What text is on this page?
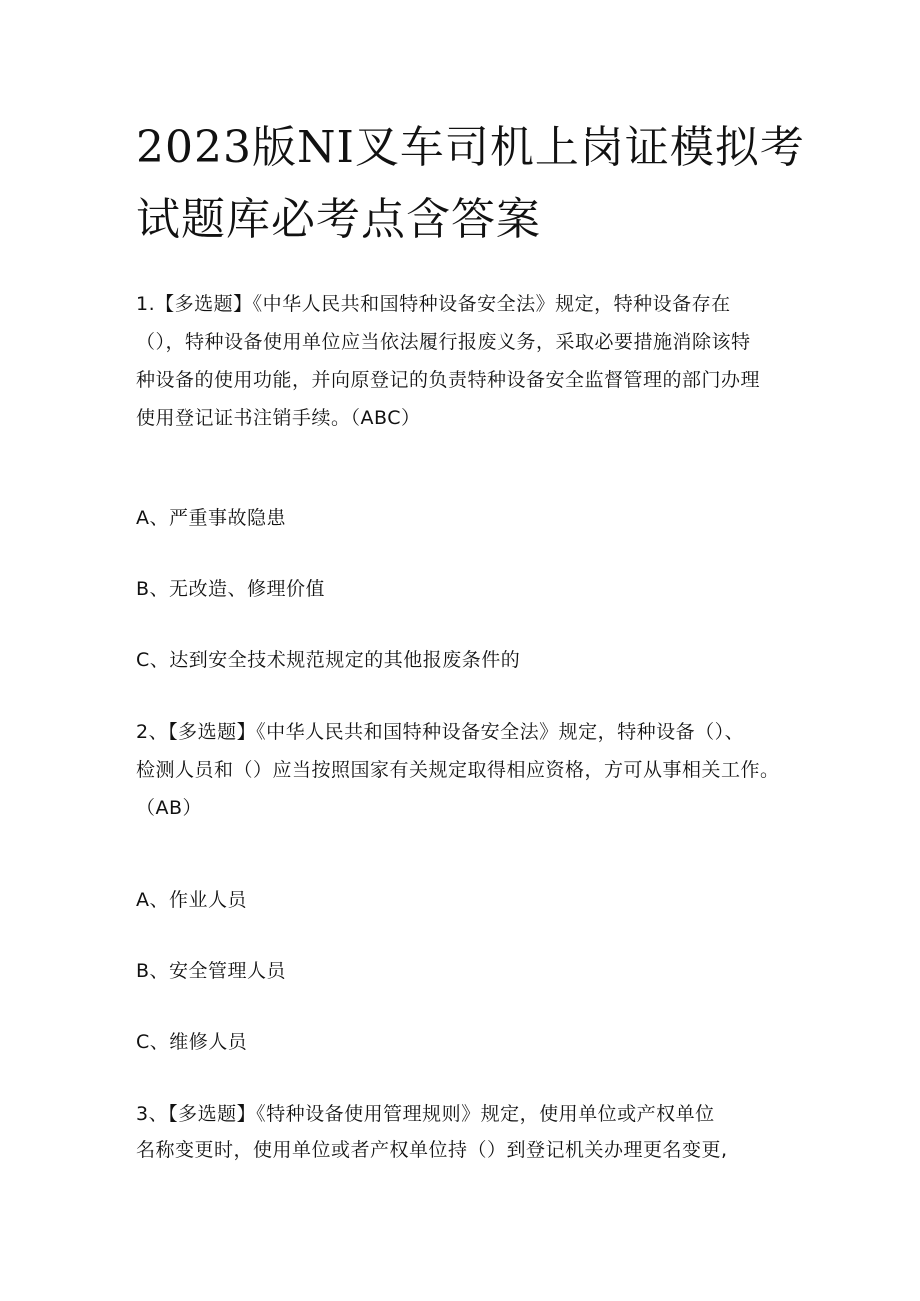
2023版NI叉车司机上岗证模拟考
试题库必考点含答案
1.【多选题】《中华人民共和国特种设备安全法》规定，特种设备存在
（），特种设备使用单位应当依法履行报废义务，采取必要措施消除该特
种设备的使用功能，并向原登记的负责特种设备安全监督管理的部门办理
使用登记证书注销手续。（ABC）
A、严重事故隐患
B、无改造、修理价值
C、达到安全技术规范规定的其他报废条件的
2、【多选题】《中华人民共和国特种设备安全法》规定，特种设备（）、
检测人员和（）应当按照国家有关规定取得相应资格，方可从事相关工作。
（AB）
A、作业人员
B、安全管理人员
C、维修人员
3、【多选题】《特种设备使用管理规则》规定，使用单位或产权单位
名称变更时，使用单位或者产权单位持（）到登记机关办理更名变更,
